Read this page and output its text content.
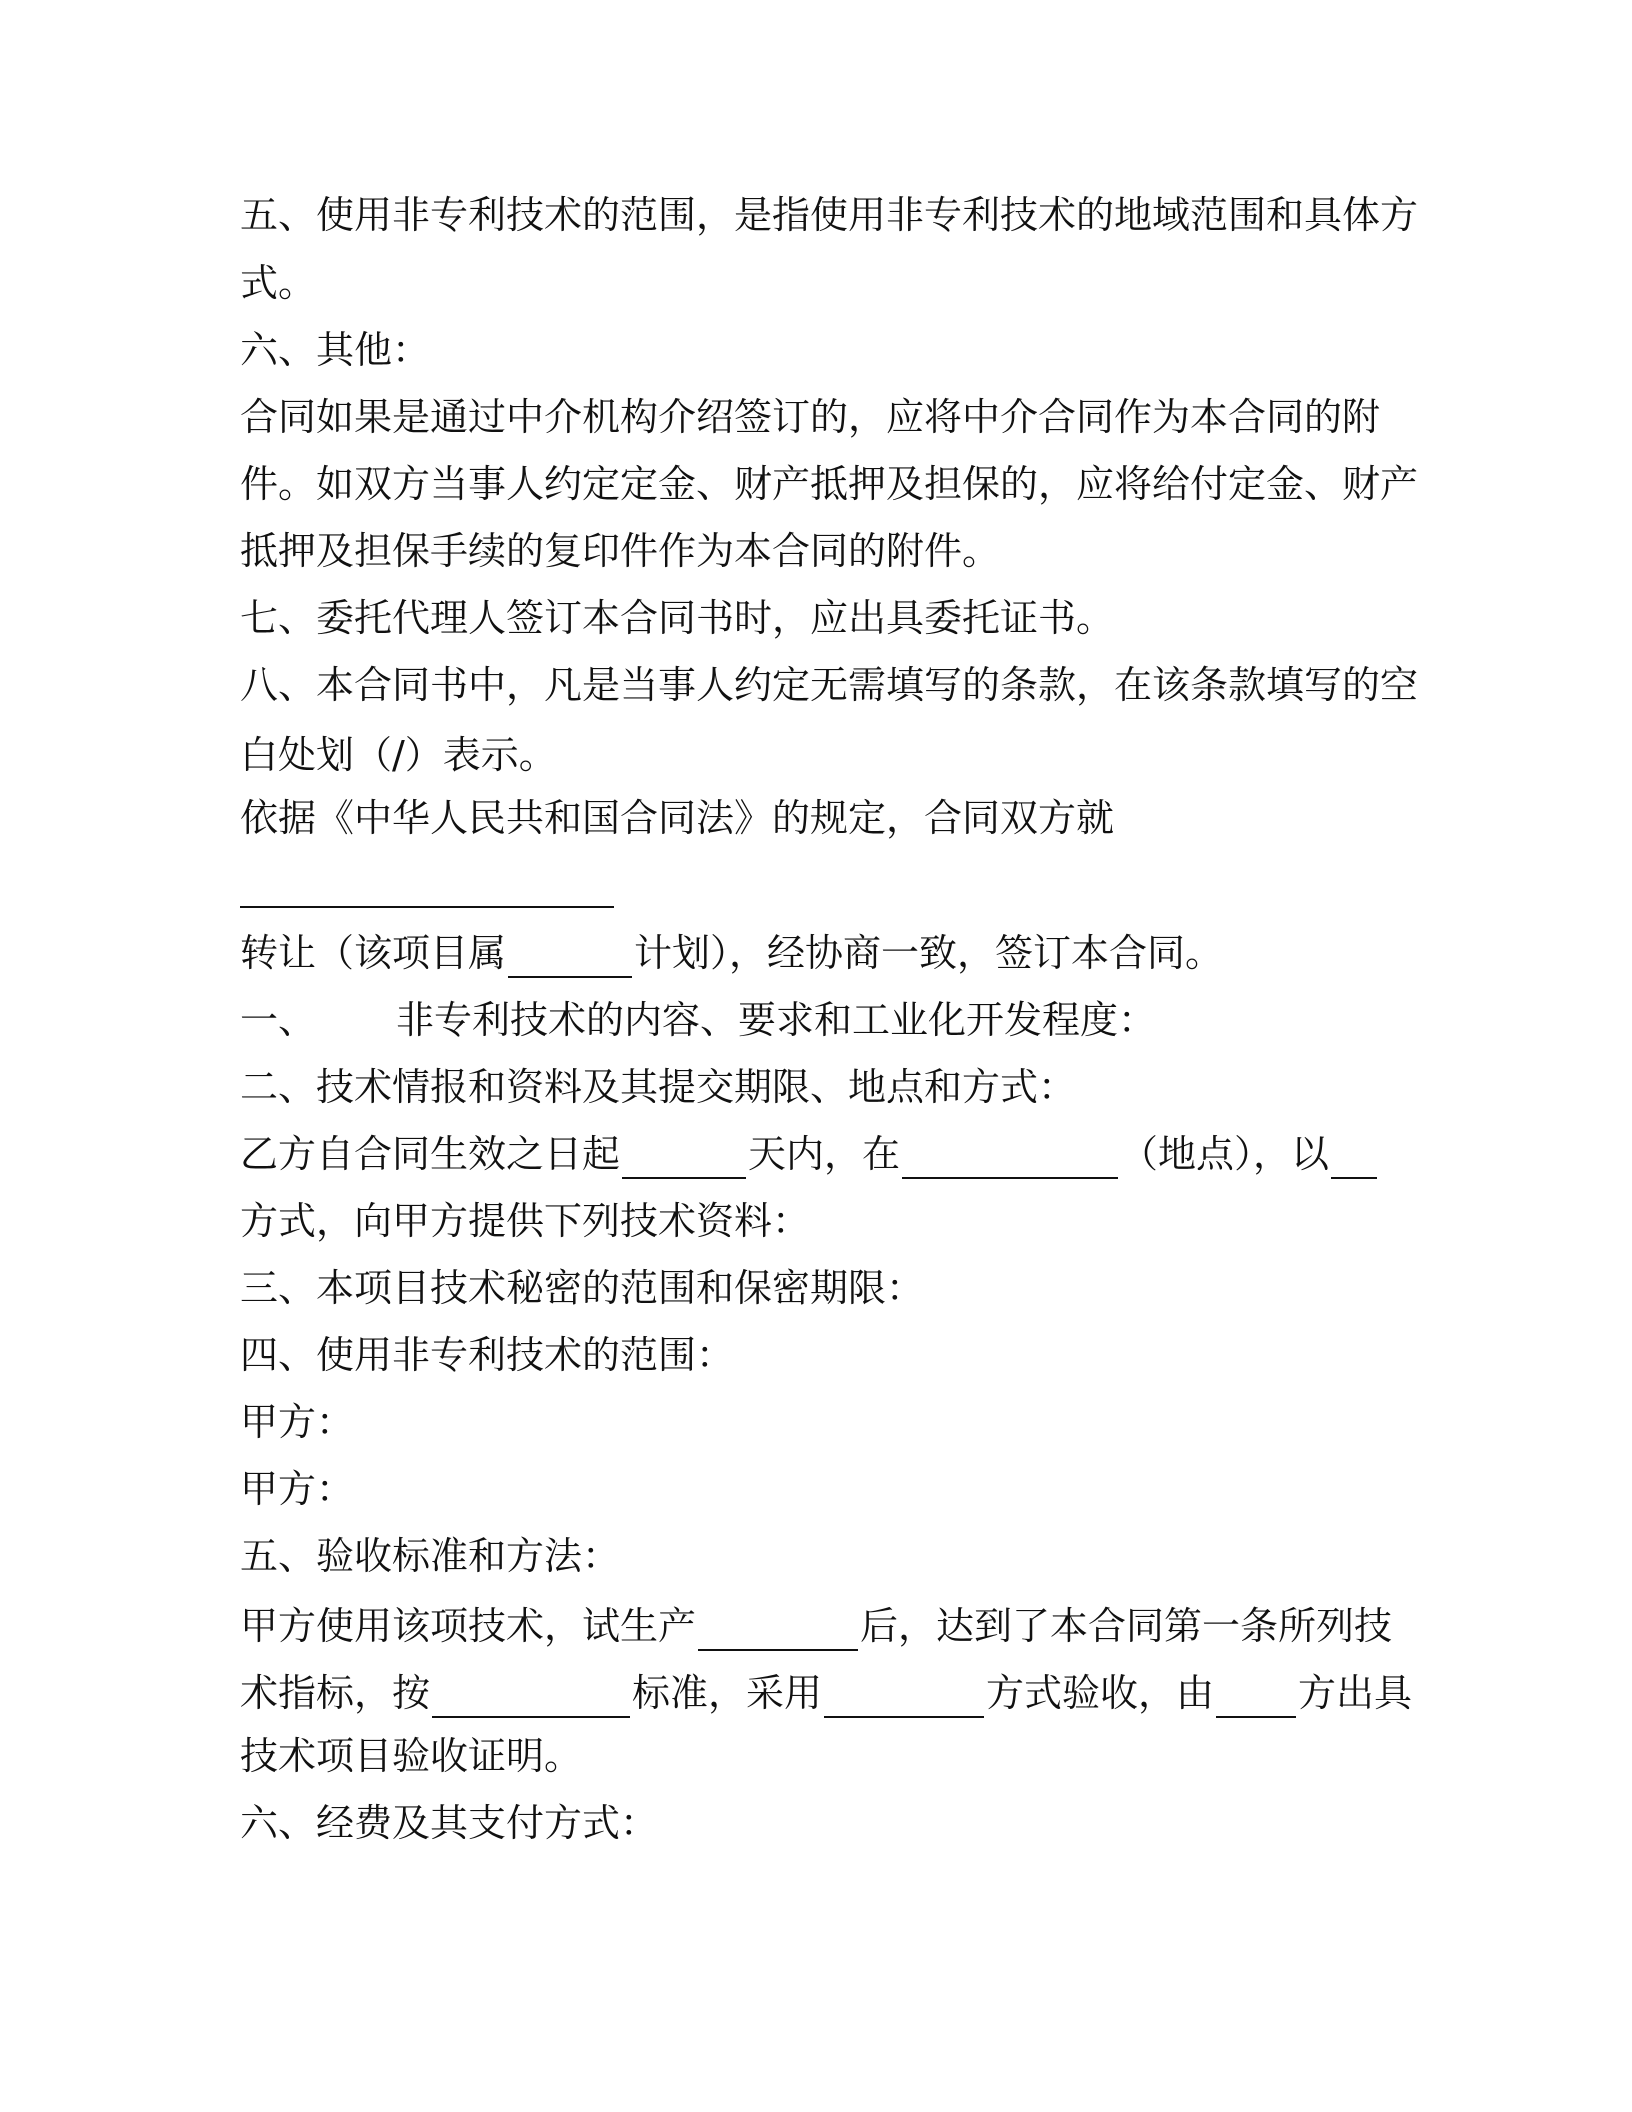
五、使用非专利技术的范围，是指使用非专利技术的地域范围和具体方
式。
六、其他：
合同如果是通过中介机构介绍签订的，应将中介合同作为本合同的附
件。如双方当事人约定定金、财产抵押及担保的，应将给付定金、财产
抵押及担保手续的复印件作为本合同的附件。
七、委托代理人签订本合同书时，应出具委托证书。
八、本合同书中，凡是当事人约定无需填写的条款，在该条款填写的空
白处划（/）表示。
依据《中华人民共和国合同法》的规定，合同双方就
转让（该项目属	计划），经协商一致，签订本合同。
一、 非专利技术的内容、要求和工业化开发程度：
二、技术情报和资料及其提交期限、地点和方式：
乙方自合同生效之日起	天内，在	（地点），以
方式，向甲方提供下列技术资料：
三、本项目技术秘密的范围和保密期限：
四、使用非专利技术的范围：
甲方：
甲方：
五、验收标准和方法：
甲方使用该项技术，试生产	后，达到了本合同第一条所列技
术指标，按	标准，采用	方式验收，由 方出具
技术项目验收证明。
六、经费及其支付方式：
